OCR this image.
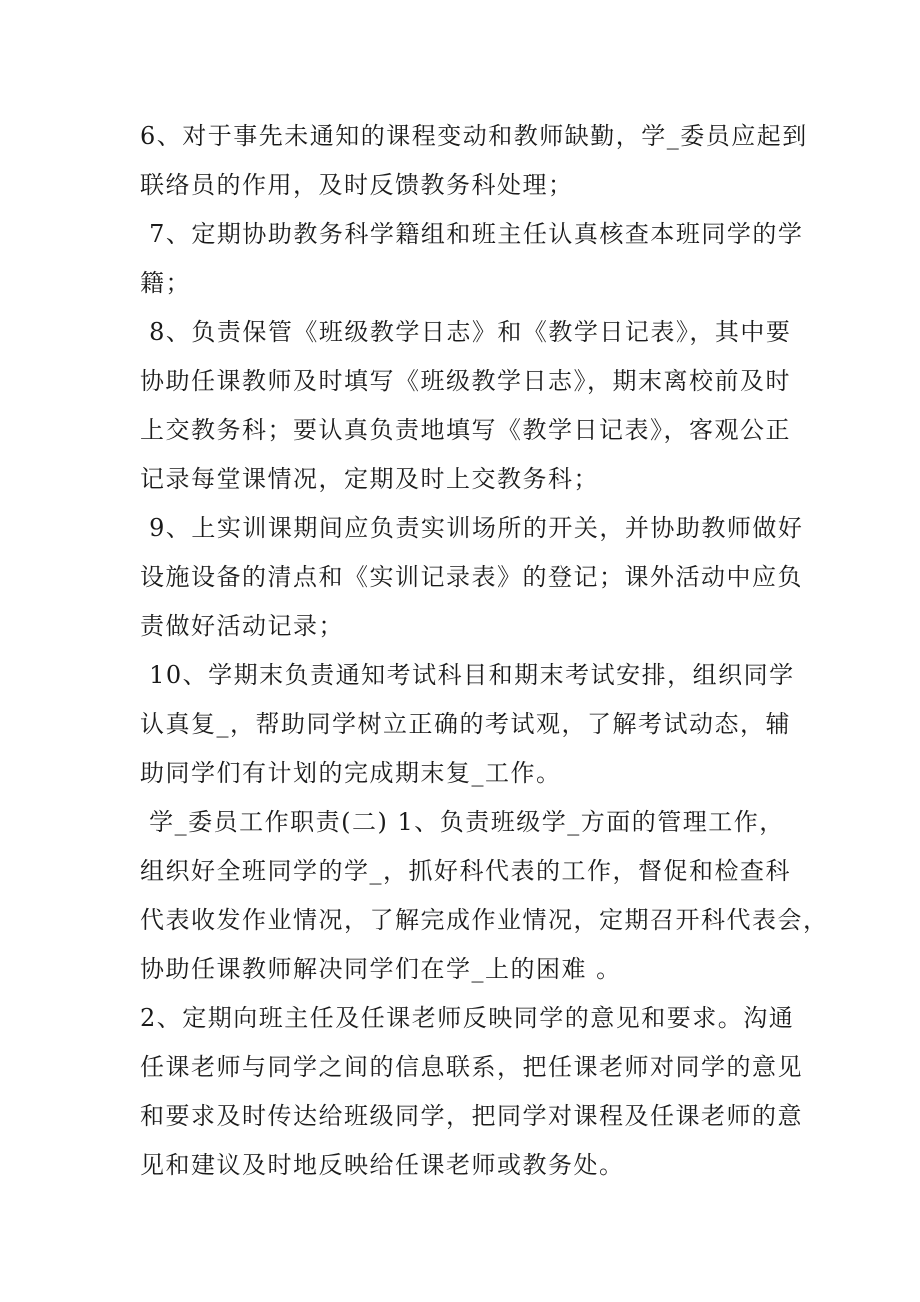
6、对于事先未通知的课程变动和教师缺勤，学_委员应起到
联络员的作用，及时反馈教务科处理；
7、定期协助教务科学籍组和班主任认真核查本班同学的学
籍；
8、负责保管《班级教学日志》和《教学日记表》，其中要
协助任课教师及时填写《班级教学日志》，期末离校前及时
上交教务科；要认真负责地填写《教学日记表》，客观公正
记录每堂课情况，定期及时上交教务科；
9、上实训课期间应负责实训场所的开关，并协助教师做好
设施设备的清点和《实训记录表》的登记；课外活动中应负
责做好活动记录；
10、学期末负责通知考试科目和期末考试安排，组织同学
认真复_，帮助同学树立正确的考试观，了解考试动态，辅
助同学们有计划的完成期末复_工作。
学_委员工作职责(二) 1、负责班级学_方面的管理工作，
组织好全班同学的学_，抓好科代表的工作，督促和检查科
代表收发作业情况，了解完成作业情况，定期召开科代表会，
协助任课教师解决同学们在学_上的困难 。
2、定期向班主任及任课老师反映同学的意见和要求。沟通
任课老师与同学之间的信息联系，把任课老师对同学的意见
和要求及时传达给班级同学，把同学对课程及任课老师的意
见和建议及时地反映给任课老师或教务处。
